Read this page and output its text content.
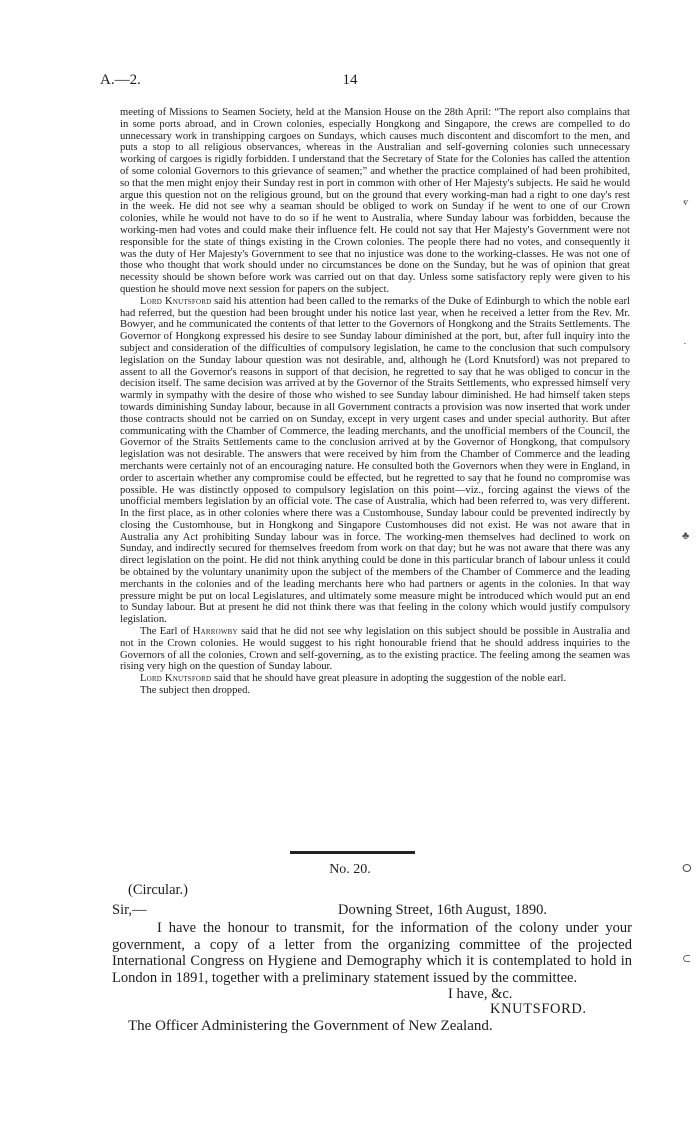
A.—2.	14

meeting of Missions to Seamen Society, held at the Mansion House on the 28th April: “The report also complains that in some ports abroad, and in Crown colonies, especially Hongkong and Singapore, the crews are compelled to do unnecessary work in transhipping cargoes on Sundays, which causes much discontent and discomfort to the men, and puts a stop to all religious observances, whereas in the Australian and self-governing colonies such unnecessary working of cargoes is rigidly forbidden. I understand that the Secretary of State for the Colonies has called the attention of some colonial Governors to this grievance of seamen;” and whether the practice complained of had been prohibited, so that the men might enjoy their Sunday rest in port in common with other of Her Majesty's subjects. He said he would argue this question not on the religious ground, but on the ground that every working-man had a right to one day's rest in the week. He did not see why a seaman should be obliged to work on Sunday if he went to one of our Crown colonies, while he would not have to do so if he went to Australia, where Sunday labour was forbidden, because the working-men had votes and could make their influence felt. He could not say that Her Majesty's Government were not responsible for the state of things existing in the Crown colonies. The people there had no votes, and consequently it was the duty of Her Majesty's Government to see that no injustice was done to the working-classes. He was not one of those who thought that work should under no circumstances be done on the Sunday, but he was of opinion that great necessity should be shown before work was carried out on that day. Unless some satisfactory reply were given to his question he should move next session for papers on the subject.

Lord Knutsford said his attention had been called to the remarks of the Duke of Edinburgh to which the noble earl had referred, but the question had been brought under his notice last year, when he received a letter from the Rev. Mr. Bowyer, and he communicated the contents of that letter to the Governors of Hongkong and the Straits Settlements. The Governor of Hongkong expressed his desire to see Sunday labour diminished at the port, but, after full inquiry into the subject and consideration of the difficulties of compulsory legislation, he came to the conclusion that such compulsory legislation on the Sunday labour question was not desirable, and, although he (Lord Knutsford) was not prepared to assent to all the Governor's reasons in support of that decision, he regretted to say that he was obliged to concur in the decision itself. The same decision was arrived at by the Governor of the Straits Settlements, who expressed himself very warmly in sympathy with the desire of those who wished to see Sunday labour diminished. He had himself taken steps towards diminishing Sunday labour, because in all Government contracts a provision was now inserted that work under those contracts should not be carried on on Sunday, except in very urgent cases and under special authority. But after communicating with the Chamber of Commerce, the leading merchants, and the unofficial members of the Council, the Governor of the Straits Settlements came to the conclusion arrived at by the Governor of Hongkong, that compulsory legislation was not desirable. The answers that were received by him from the Chamber of Commerce and the leading merchants were certainly not of an encouraging nature. He consulted both the Governors when they were in England, in order to ascertain whether any compromise could be effected, but he regretted to say that he found no compromise was possible. He was distinctly opposed to compulsory legislation on this point—viz., forcing against the views of the unofficial members legislation by an official vote. The case of Australia, which had been referred to, was very different. In the first place, as in other colonies where there was a Customhouse, Sunday labour could be prevented indirectly by closing the Customhouse, but in Hongkong and Singapore Customhouses did not exist. He was not aware that in Australia any Act prohibiting Sunday labour was in force. The working-men themselves had declined to work on Sunday, and indirectly secured for themselves freedom from work on that day; but he was not aware that there was any direct legislation on the point. He did not think anything could be done in this particular branch of labour unless it could be obtained by the voluntary unanimity upon the subject of the members of the Chamber of Commerce and the leading merchants in the colonies and of the leading merchants here who had partners or agents in the colonies. In that way pressure might be put on local Legislatures, and ultimately some measure might be introduced which would put an end to Sunday labour. But at present he did not think there was that feeling in the colony which would justify compulsory legislation.

The Earl of Harrowby said that he did not see why legislation on this subject should be possible in Australia and not in the Crown colonies. He would suggest to his right honourable friend that he should address inquiries to the Governors of all the colonies, Crown and self-governing, as to the existing practice. The feeling among the seamen was rising very high on the question of Sunday labour.

Lord Knutsford said that he should have great pleasure in adopting the suggestion of the noble earl.

The subject then dropped.

No. 20.
(Circular.)
Sir,—	Downing Street, 16th August, 1890.
I have the honour to transmit, for the information of the colony under your government, a copy of a letter from the organizing committee of the projected International Congress on Hygiene and Demography which it is contemplated to hold in London in 1891, together with a preliminary statement issued by the committee.
I have, &c.
KNUTSFORD.
The Officer Administering the Government of New Zealand.
ⱴ
·
♣
ⵔ
⊂
